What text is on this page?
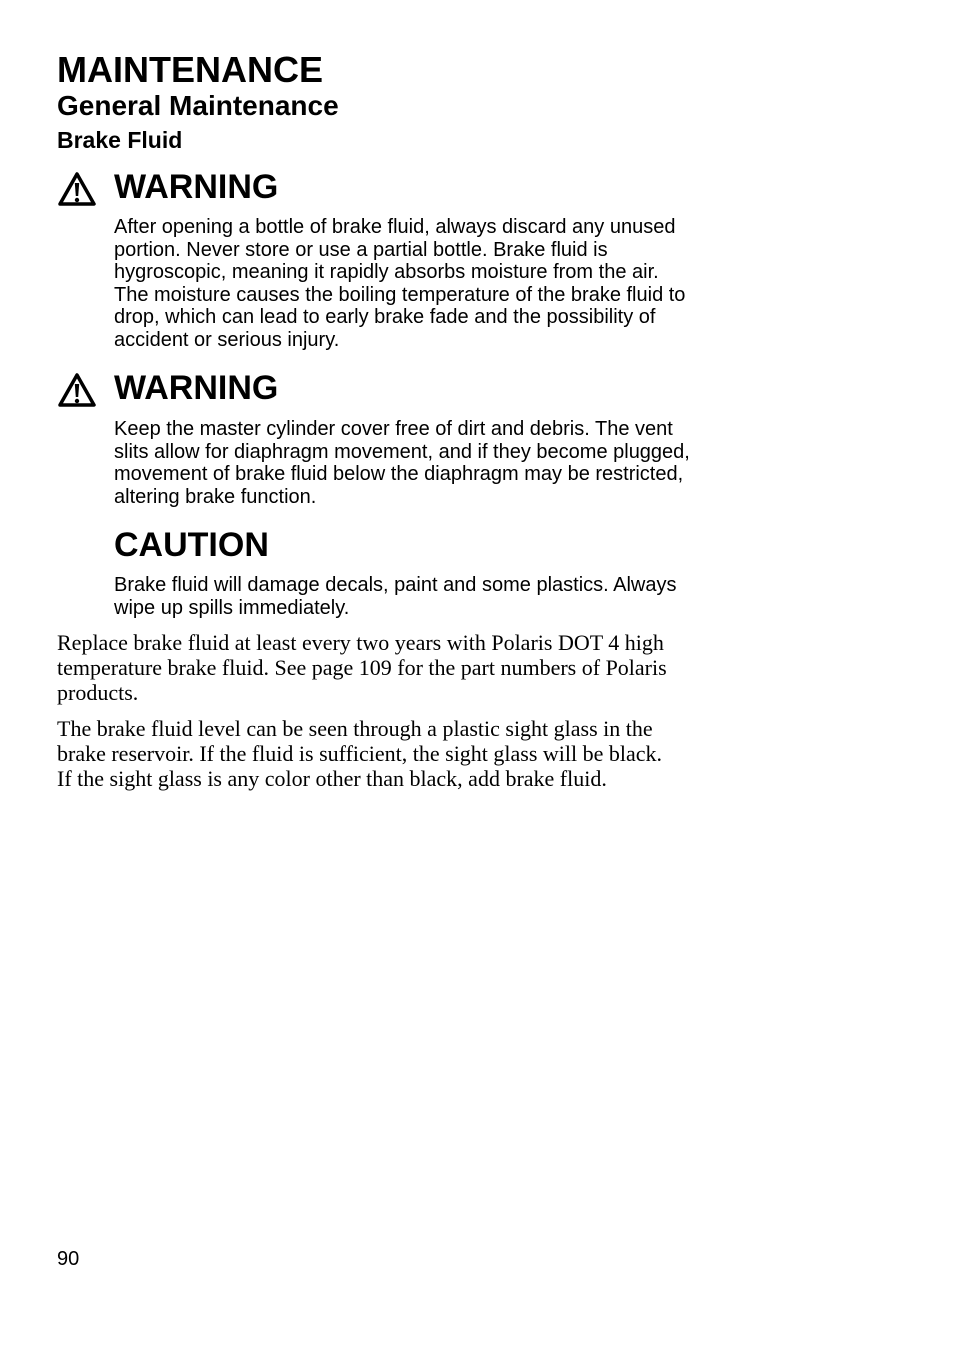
MAINTENANCE
General Maintenance
Brake Fluid
WARNING
After opening a bottle of brake fluid, always discard any unused
portion. Never store or use a partial bottle. Brake fluid is
hygroscopic, meaning it rapidly absorbs moisture from the air.
The moisture causes the boiling temperature of the brake fluid to
drop, which can lead to early brake fade and the possibility of
accident or serious injury.
WARNING
Keep the master cylinder cover free of dirt and debris. The vent
slits allow for diaphragm movement, and if they become plugged,
movement of brake fluid below the diaphragm may be restricted,
altering brake function.
CAUTION
Brake fluid will damage decals, paint and some plastics. Always
wipe up spills immediately.
Replace brake fluid at least every two years with Polaris DOT 4 high
temperature brake fluid. See page 109 for the part numbers of Polaris
products.
The brake fluid level can be seen through a plastic sight glass in the
brake reservoir. If the fluid is sufficient, the sight glass will be black.
If the sight glass is any color other than black, add brake fluid.
90
